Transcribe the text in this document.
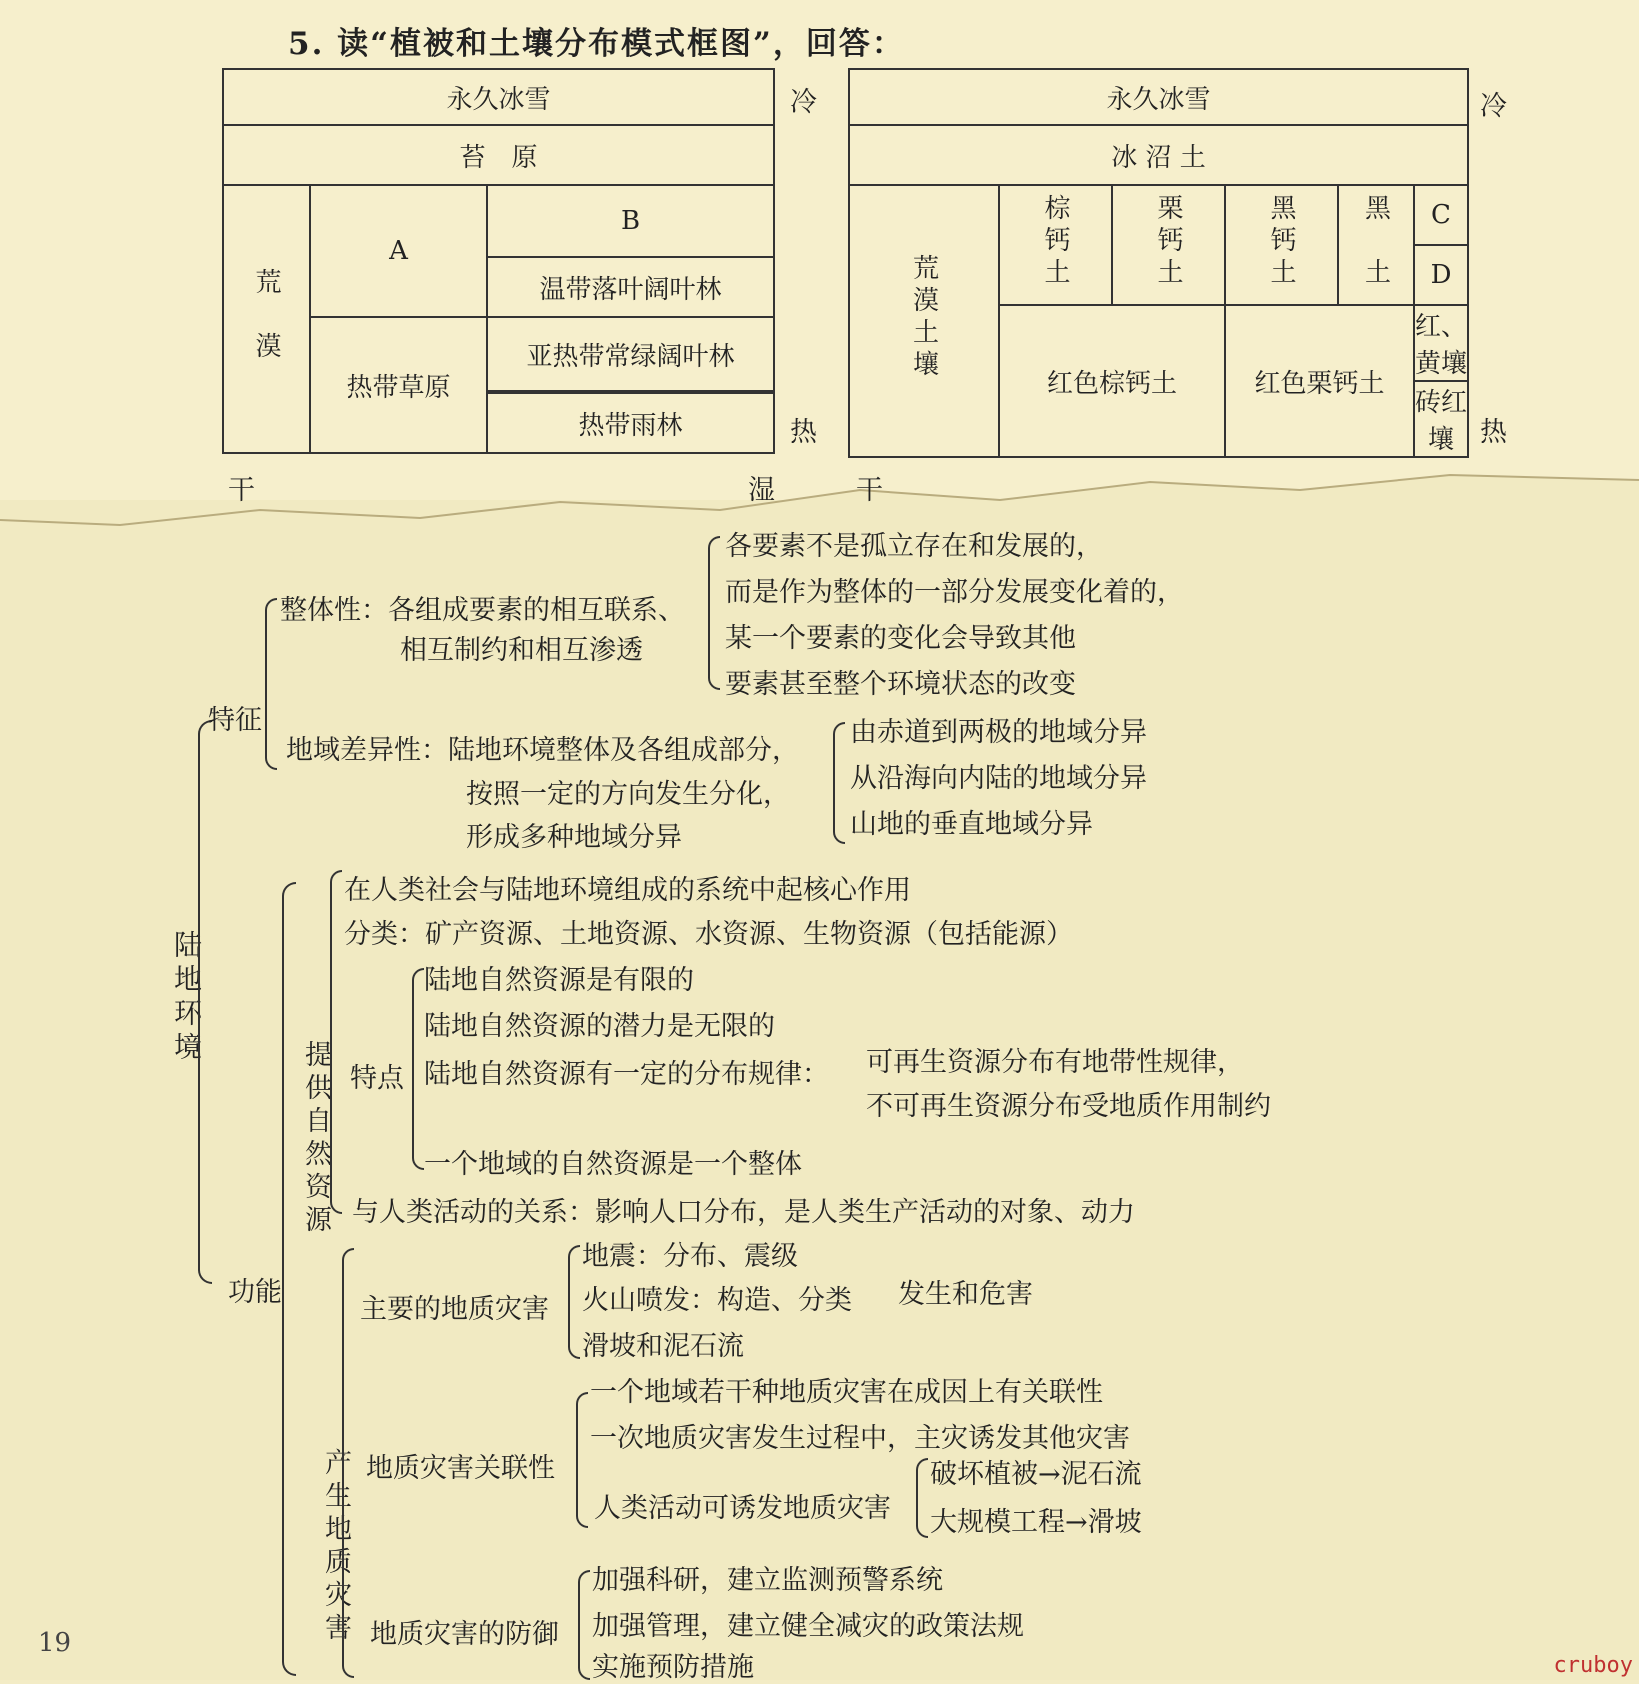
5. 读“植被和土壤分布模式框图”，回答：
永久冰雪		
苔　原		
荒　漠	A	B
		温带落叶阔叶林
	热带草原	亚热带常绿阔叶林

		热带雨林
冷
热
干	湿
永久冰雪					
冰 沼 土					
荒漠土壤	棕钙土	栗钙土	黑钙土	黑　土	C
					D
	红色棕钙土		红色栗钙土		红、黄壤
					砖红壤
冷
热
干
陆地环境
特征
整体性：各组成要素的相互联系、
相互制约和相互渗透
各要素不是孤立存在和发展的，
而是作为整体的一部分发展变化着的，
某一个要素的变化会导致其他
要素甚至整个环境状态的改变
地域差异性：陆地环境整体及各组成部分，
按照一定的方向发生分化，
形成多种地域分异
由赤道到两极的地域分异
从沿海向内陆的地域分异
山地的垂直地域分异
功能
提供自然资源
在人类社会与陆地环境组成的系统中起核心作用
分类：矿产资源、土地资源、水资源、生物资源（包括能源）
特点
陆地自然资源是有限的
陆地自然资源的潜力是无限的
陆地自然资源有一定的分布规律： 可再生资源分布有地带性规律，
不可再生资源分布受地质作用制约
一个地域的自然资源是一个整体
与人类活动的关系：影响人口分布，是人类生产活动的对象、动力
产生地质灾害
主要的地质灾害
地震：分布、震级
火山喷发：构造、分类
滑坡和泥石流
发生和危害
地质灾害关联性
一个地域若干种地质灾害在成因上有关联性
一次地质灾害发生过程中，主灾诱发其他灾害
人类活动可诱发地质灾害
破坏植被→泥石流
大规模工程→滑坡
地质灾害的防御
加强科研，建立监测预警系统
加强管理，建立健全减灾的政策法规
实施预防措施
19
cruboy
